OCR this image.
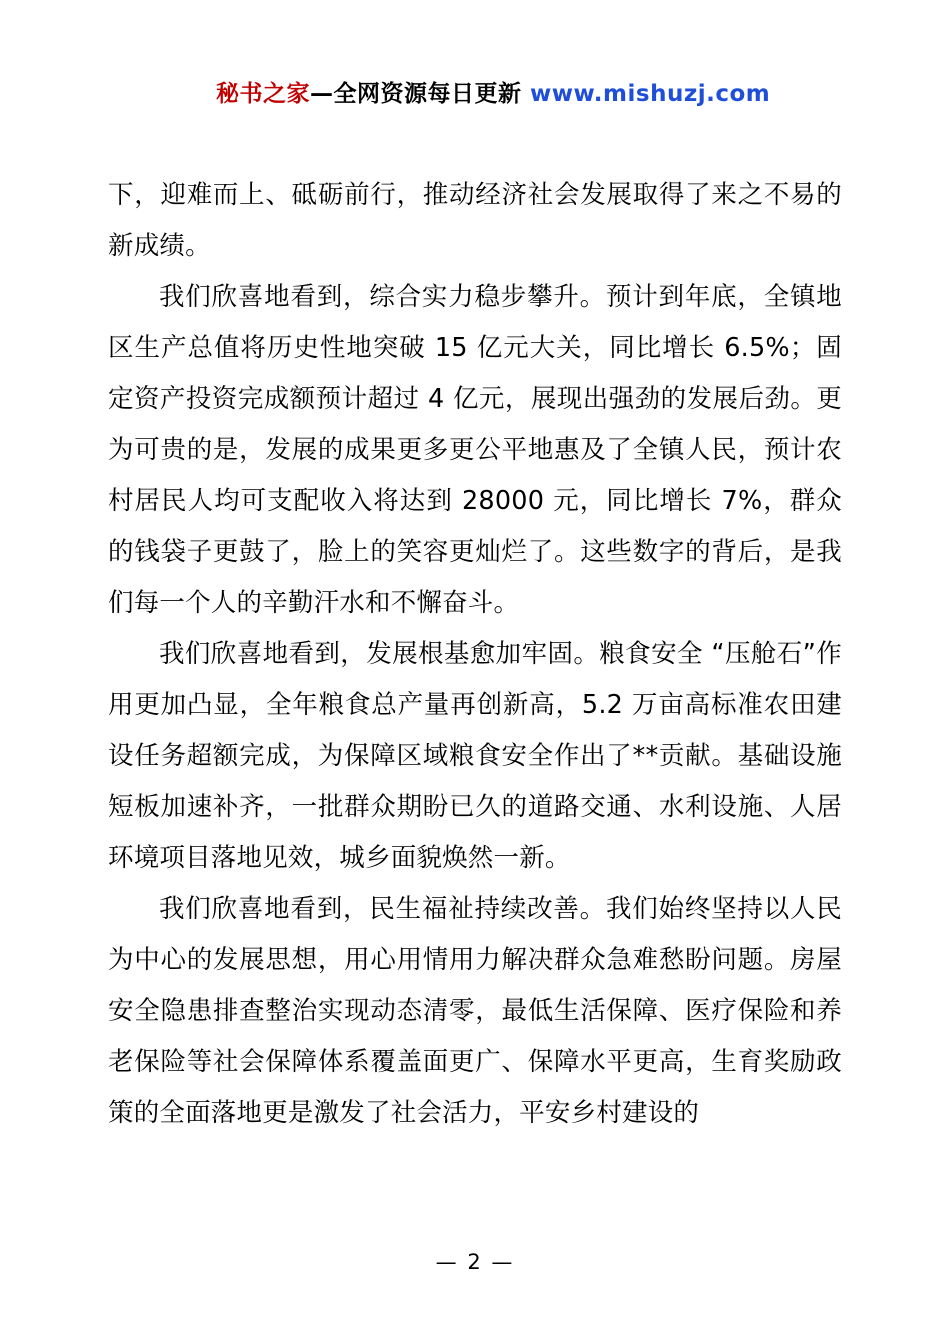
秘书之家—全网资源每日更新 www.mishuzj.com

下，迎难而上、砥砺前行，推动经济社会发展取得了来之不易的新成绩。

我们欣喜地看到，综合实力稳步攀升。预计到年底，全镇地区生产总值将历史性地突破 15 亿元大关，同比增长 6.5%；固定资产投资完成额预计超过 4 亿元，展现出强劲的发展后劲。更为可贵的是，发展的成果更多更公平地惠及了全镇人民，预计农村居民人均可支配收入将达到 28000 元，同比增长 7%，群众的钱袋子更鼓了，脸上的笑容更灿烂了。这些数字的背后，是我们每一个人的辛勤汗水和不懈奋斗。

我们欣喜地看到，发展根基愈加牢固。粮食安全 “压舱石”作用更加凸显，全年粮食总产量再创新高，5.2 万亩高标准农田建设任务超额完成，为保障区域粮食安全作出了**贡献。基础设施短板加速补齐，一批群众期盼已久的道路交通、水利设施、人居环境项目落地见效，城乡面貌焕然一新。

我们欣喜地看到，民生福祉持续改善。我们始终坚持以人民为中心的发展思想，用心用情用力解决群众急难愁盼问题。房屋安全隐患排查整治实现动态清零，最低生活保障、医疗保险和养老保险等社会保障体系覆盖面更广、保障水平更高，生育奖励政策的全面落地更是激发了社会活力，平安乡村建设的

— 2 —
